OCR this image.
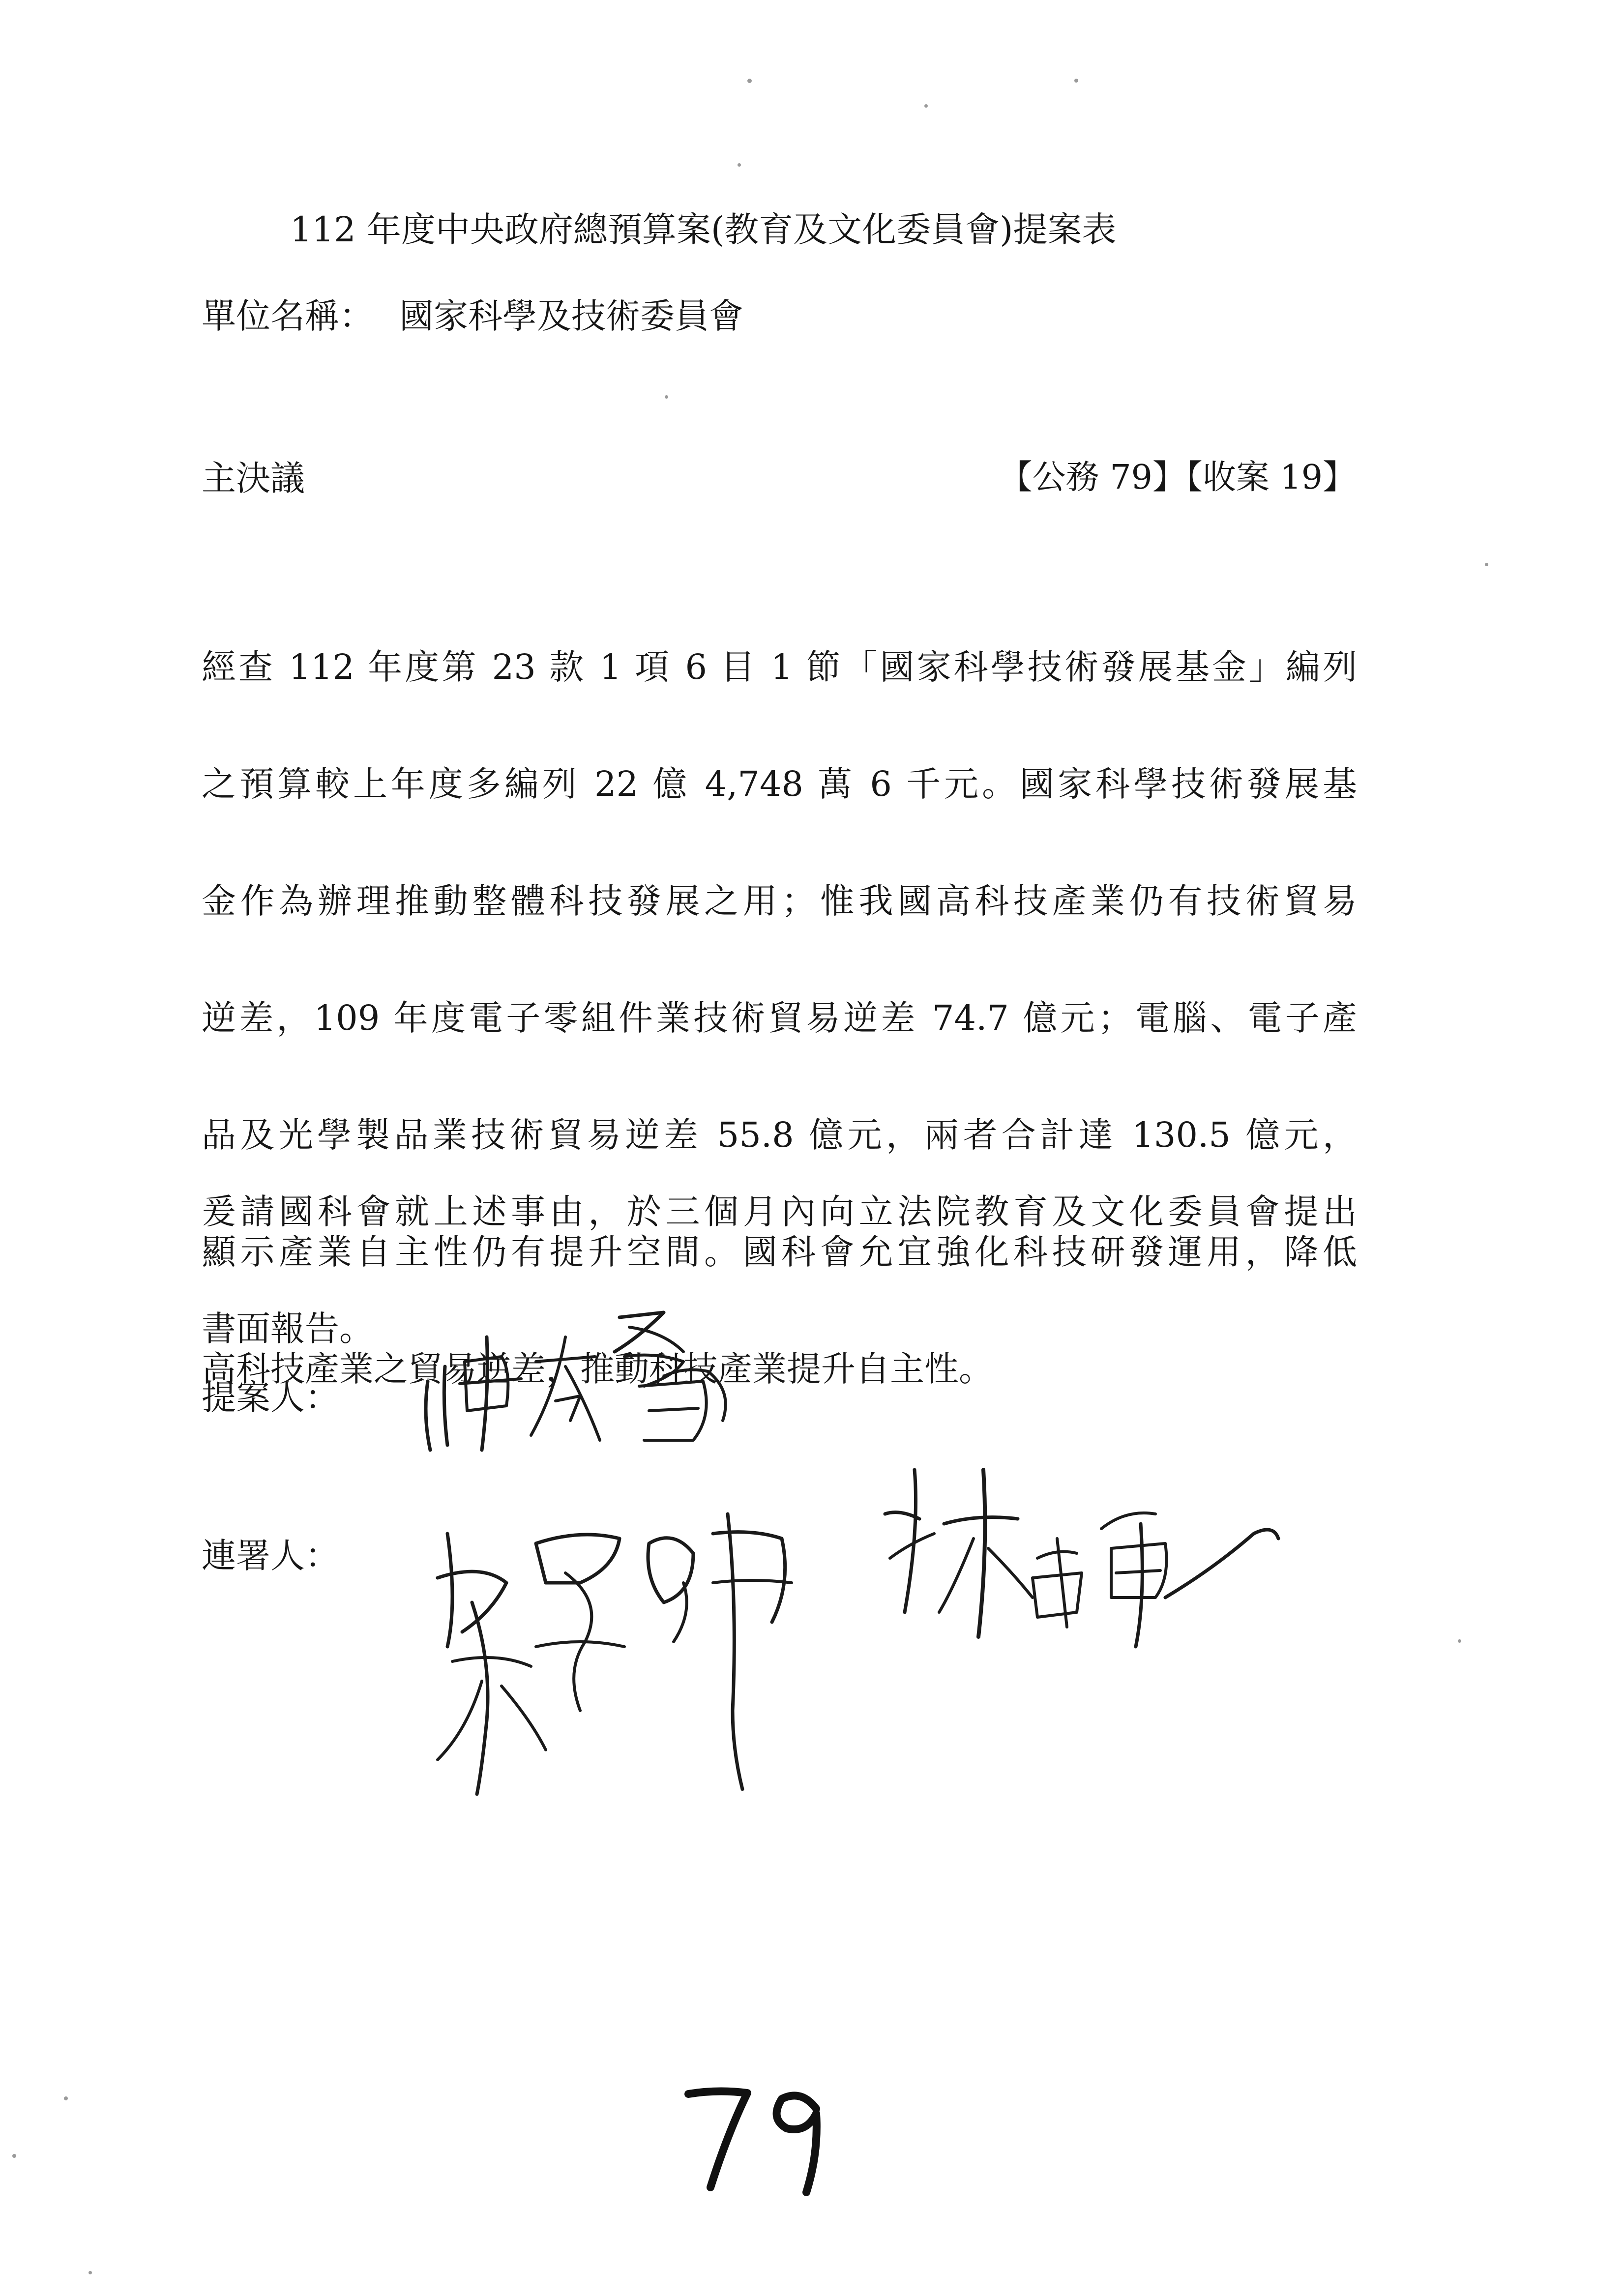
112 年度中央政府總預算案(教育及文化委員會)提案表
單位名稱： 國家科學及技術委員會
主決議	【公務 79】【收案 19】
經查 112 年度第 23 款 1 項 6 目 1 節「國家科學技術發展基金」編列
之預算較上年度多編列 22 億 4,748 萬 6 千元。國家科學技術發展基
金作為辦理推動整體科技發展之用；惟我國高科技產業仍有技術貿易
逆差，109 年度電子零組件業技術貿易逆差 74.7 億元；電腦、電子產
品及光學製品業技術貿易逆差 55.8 億元，兩者合計達 130.5 億元，
顯示產業自主性仍有提升空間。國科會允宜強化科技研發運用，降低
高科技產業之貿易逆差，推動科技產業提升自主性。
爰請國科會就上述事由，於三個月內向立法院教育及文化委員會提出
書面報告。
提案人：
連署人：
